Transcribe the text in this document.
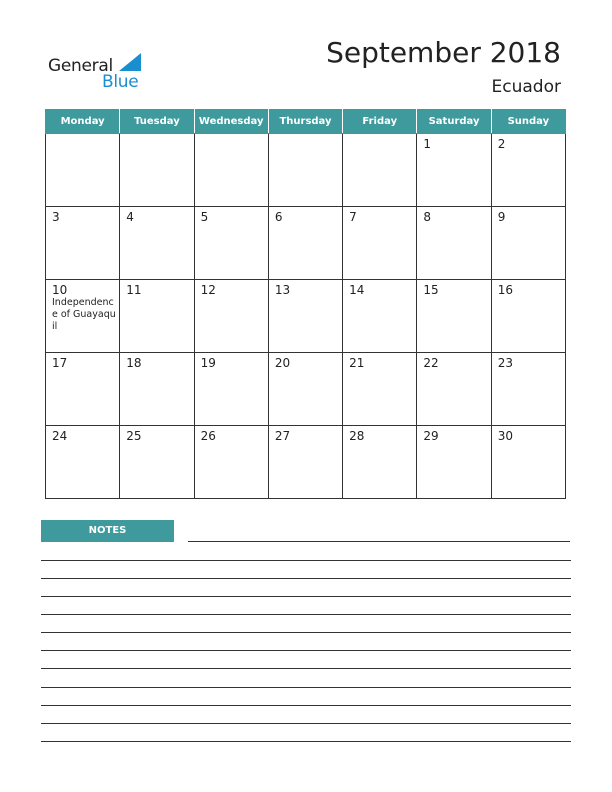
General
Blue
September 2018
Ecuador
Monday	Tuesday	Wednesday	Thursday	Friday	Saturday	Sunday

					1	2

3	4	5	6	7	8	9

10
Independence of Guayaquil	11	12	13	14	15	16

17	18	19	20	21	22	23

24	25	26	27	28	29	30
NOTES
